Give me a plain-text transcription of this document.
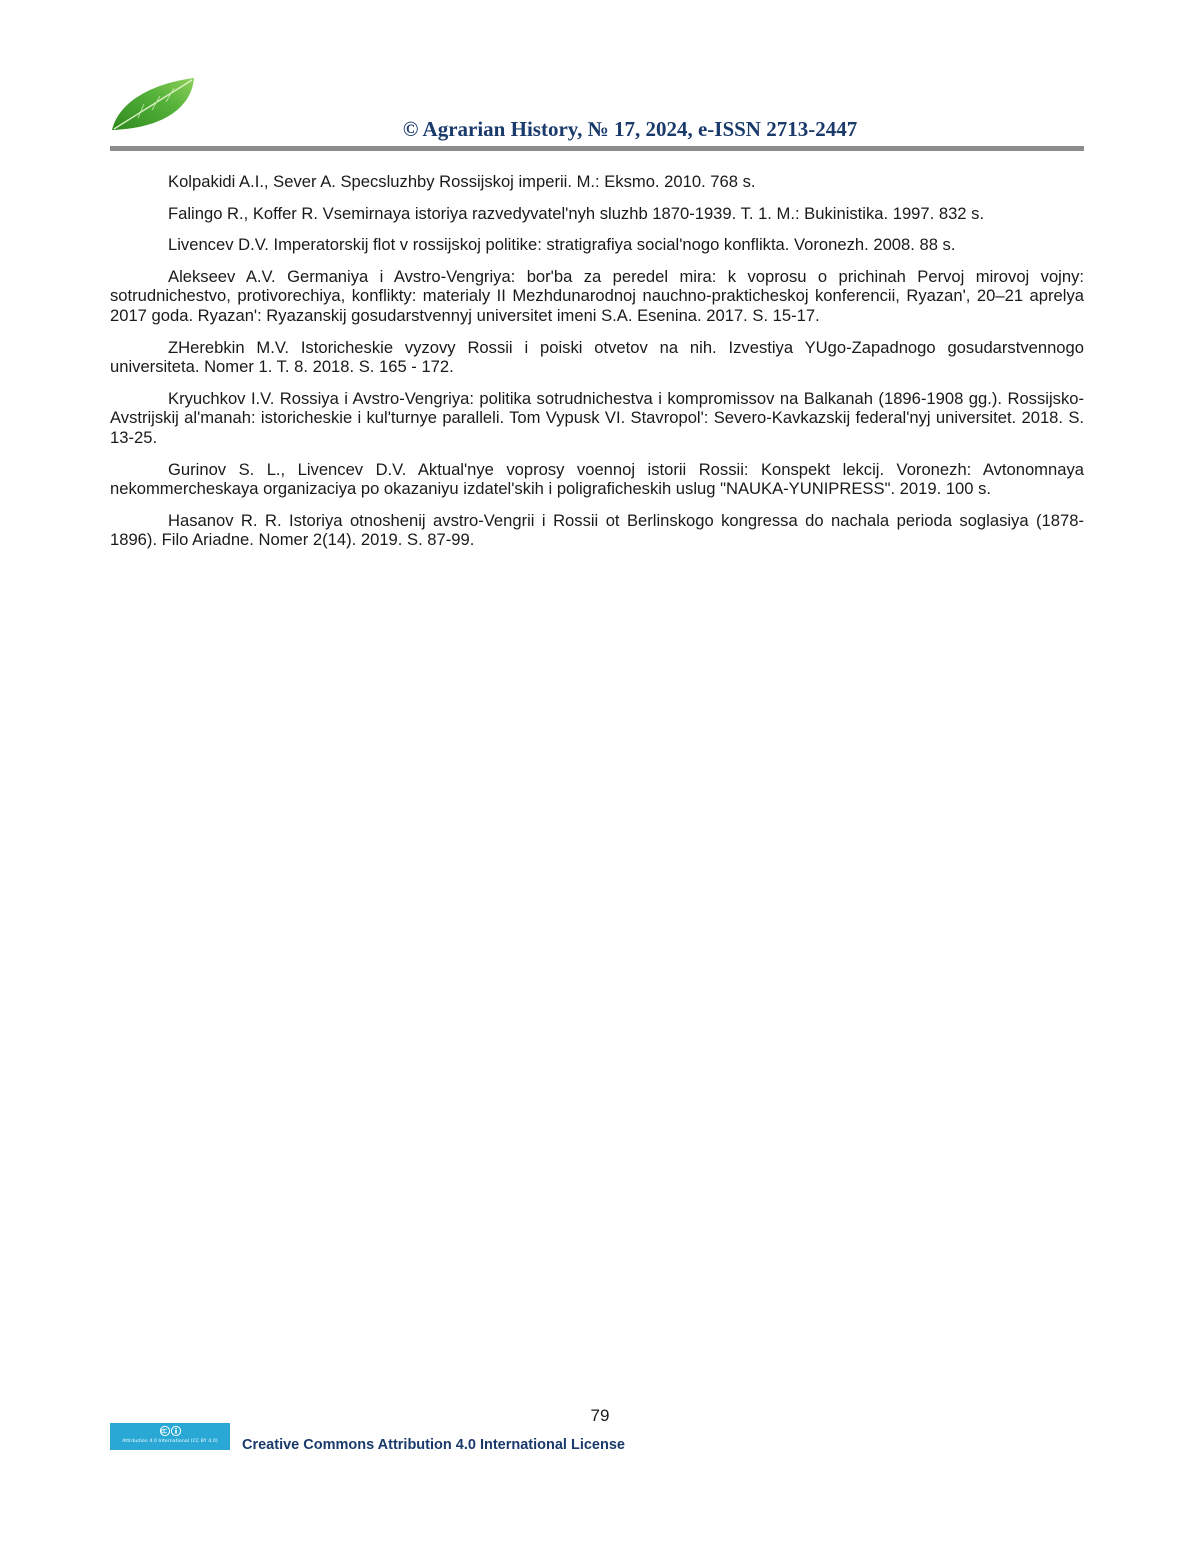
© Agrarian History, № 17, 2024, e-ISSN 2713-2447

Kolpakidi A.I., Sever A. Specsluzhby Rossijskoj imperii. M.: Eksmo. 2010. 768 s.

Falingo R., Koffer R. Vsemirnaya istoriya razvedyvatel'nyh sluzhb 1870-1939. T. 1. M.: Bukinistika. 1997. 832 s.

Livencev D.V. Imperatorskij flot v rossijskoj politike: stratigrafiya social'nogo konflikta. Voronezh. 2008. 88 s.

Alekseev A.V. Germaniya i Avstro-Vengriya: bor'ba za peredel mira: k voprosu o prichinah Pervoj mirovoj vojny: sotrudnichestvo, protivorechiya, konflikty: materialy II Mezhdunarodnoj nauchno-prakticheskoj konferencii, Ryazan', 20–21 aprelya 2017 goda. Ryazan': Ryazanskij gosudarstvennyj universitet imeni S.A. Esenina. 2017. S. 15-17.

ZHerebkin M.V. Istoricheskie vyzovy Rossii i poiski otvetov na nih. Izvestiya YUgo-Zapadnogo gosudarstvennogo universiteta. Nomer 1. T. 8. 2018. S. 165 - 172.

Kryuchkov I.V. Rossiya i Avstro-Vengriya: politika sotrudnichestva i kompromissov na Balkanah (1896-1908 gg.). Rossijsko-Avstrijskij al'manah: istoricheskie i kul'turnye paralleli. Tom Vypusk VI. Stavropol': Severo-Kavkazskij federal'nyj universitet. 2018. S. 13-25.

Gurinov S. L., Livencev D.V. Aktual'nye voprosy voennoj istorii Rossii: Konspekt lekcij. Voronezh: Avtonomnaya nekommercheskaya organizaciya po okazaniyu izdatel'skih i poligraficheskih uslug "NAUKA-YUNIPRESS". 2019. 100 s.

Hasanov R. R. Istoriya otnoshenij avstro-Vengrii i Rossii ot Berlinskogo kongressa do nachala perioda soglasiya (1878-1896). Filo Ariadne. Nomer 2(14). 2019. S. 87-99.

79
Attribution 4.0 International (CC BY 4.0)	Creative Commons Attribution 4.0 International License
